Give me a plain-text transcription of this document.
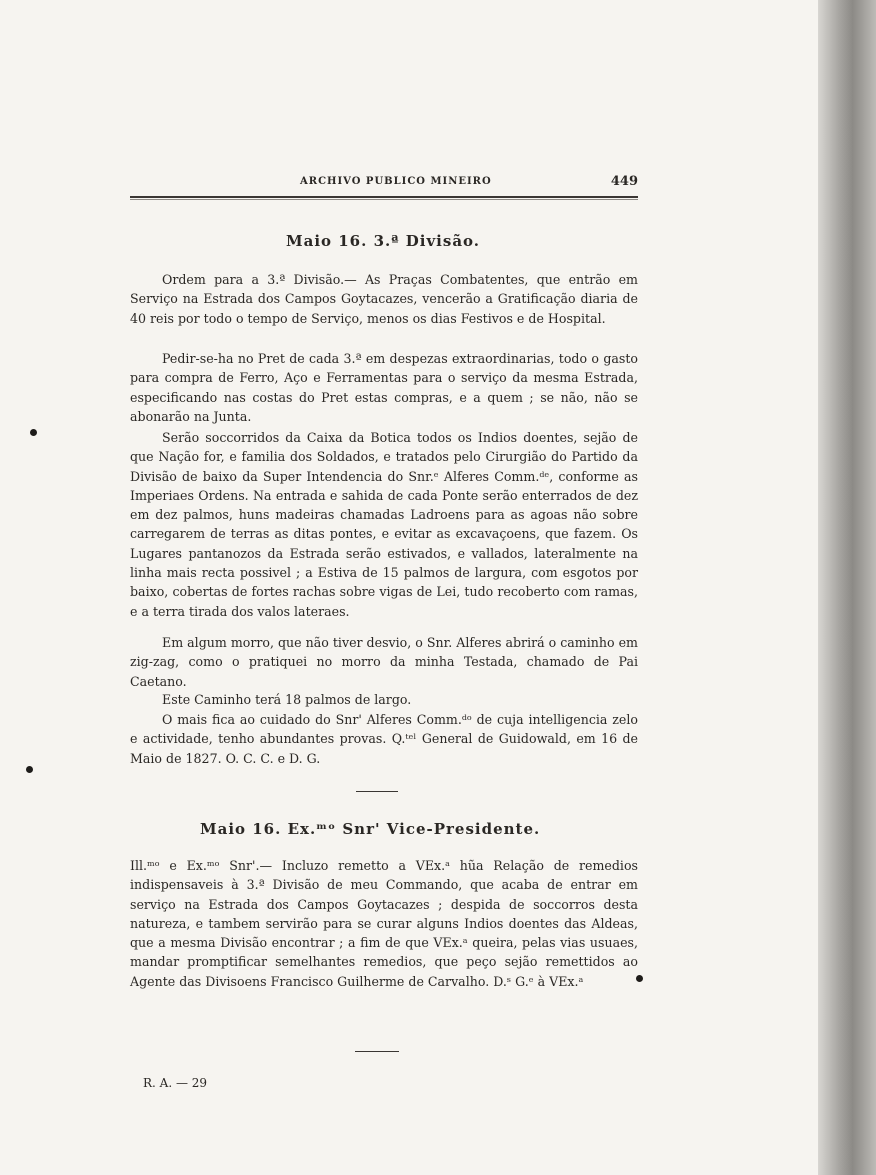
ARCHIVO PUBLICO MINEIRO	449
Maio 16. 3.ª Divisão.

Ordem para a 3.ª Divisão.— As Praças Combatentes, que entrão em Serviço na Estrada dos Campos Goytacazes, vencerão a Gratificação diaria de 40 reis por todo o tempo de Serviço, menos os dias Festivos e de Hospital.

Pedir-se-ha no Pret de cada 3.ª em despezas extraordinarias, todo o gasto para compra de Ferro, Aço e Ferramentas para o serviço da mesma Estrada, especificando nas costas do Pret estas compras, e a quem ; se não, não se abonarão na Junta.

Serão soccorridos da Caixa da Botica todos os Indios doentes, sejão de que Nação for, e familia dos Soldados, e tratados pelo Cirurgião do Partido da Divisão de baixo da Super Intendencia do Snr.ᵉ Alferes Comm.ᵈᵉ, conforme as Imperiaes Ordens. Na entrada e sahida de cada Ponte serão enterrados de dez em dez palmos, huns madeiras chamadas Ladroens para as agoas não sobre carregarem de terras as ditas pontes, e evitar as excavaçoens, que fazem. Os Lugares pantanozos da Estrada serão estivados, e vallados, lateralmente na linha mais recta possivel ; a Estiva de 15 palmos de largura, com esgotos por baixo, cobertas de fortes rachas sobre vigas de Lei, tudo recoberto com ramas, e a terra tirada dos valos lateraes.

Em algum morro, que não tiver desvio, o Snr. Alferes abrirá o caminho em zig-zag, como o pratiquei no morro da minha Testada, chamado de Pai Caetano.

Este Caminho terá 18 palmos de largo.

O mais fica ao cuidado do Snr' Alferes Comm.ᵈᵒ de cuja intelligencia zelo e actividade, tenho abundantes provas. Q.ᵗᵉˡ General de Guidowald, em 16 de Maio de 1827. O. C. C. e D. G.

Maio 16. Ex.ᵐᵒ Snr' Vice-Presidente.

Ill.ᵐᵒ e Ex.ᵐᵒ Snr'.— Incluzo remetto a VEx.ᵃ hũa Relação de remedios indispensaveis à 3.ª Divisão de meu Commando, que acaba de entrar em serviço na Estrada dos Campos Goytacazes ; despida de soccorros desta natureza, e tambem servirão para se curar alguns Indios doentes das Aldeas, que a mesma Divisão encontrar ; a fim de que VEx.ᵃ queira, pelas vias usuaes, mandar promptificar semelhantes remedios, que peço sejão remettidos ao Agente das Divisoens Francisco Guilherme de Carvalho. D.ˢ G.ᵉ à VEx.ᵃ

R. A. — 29
